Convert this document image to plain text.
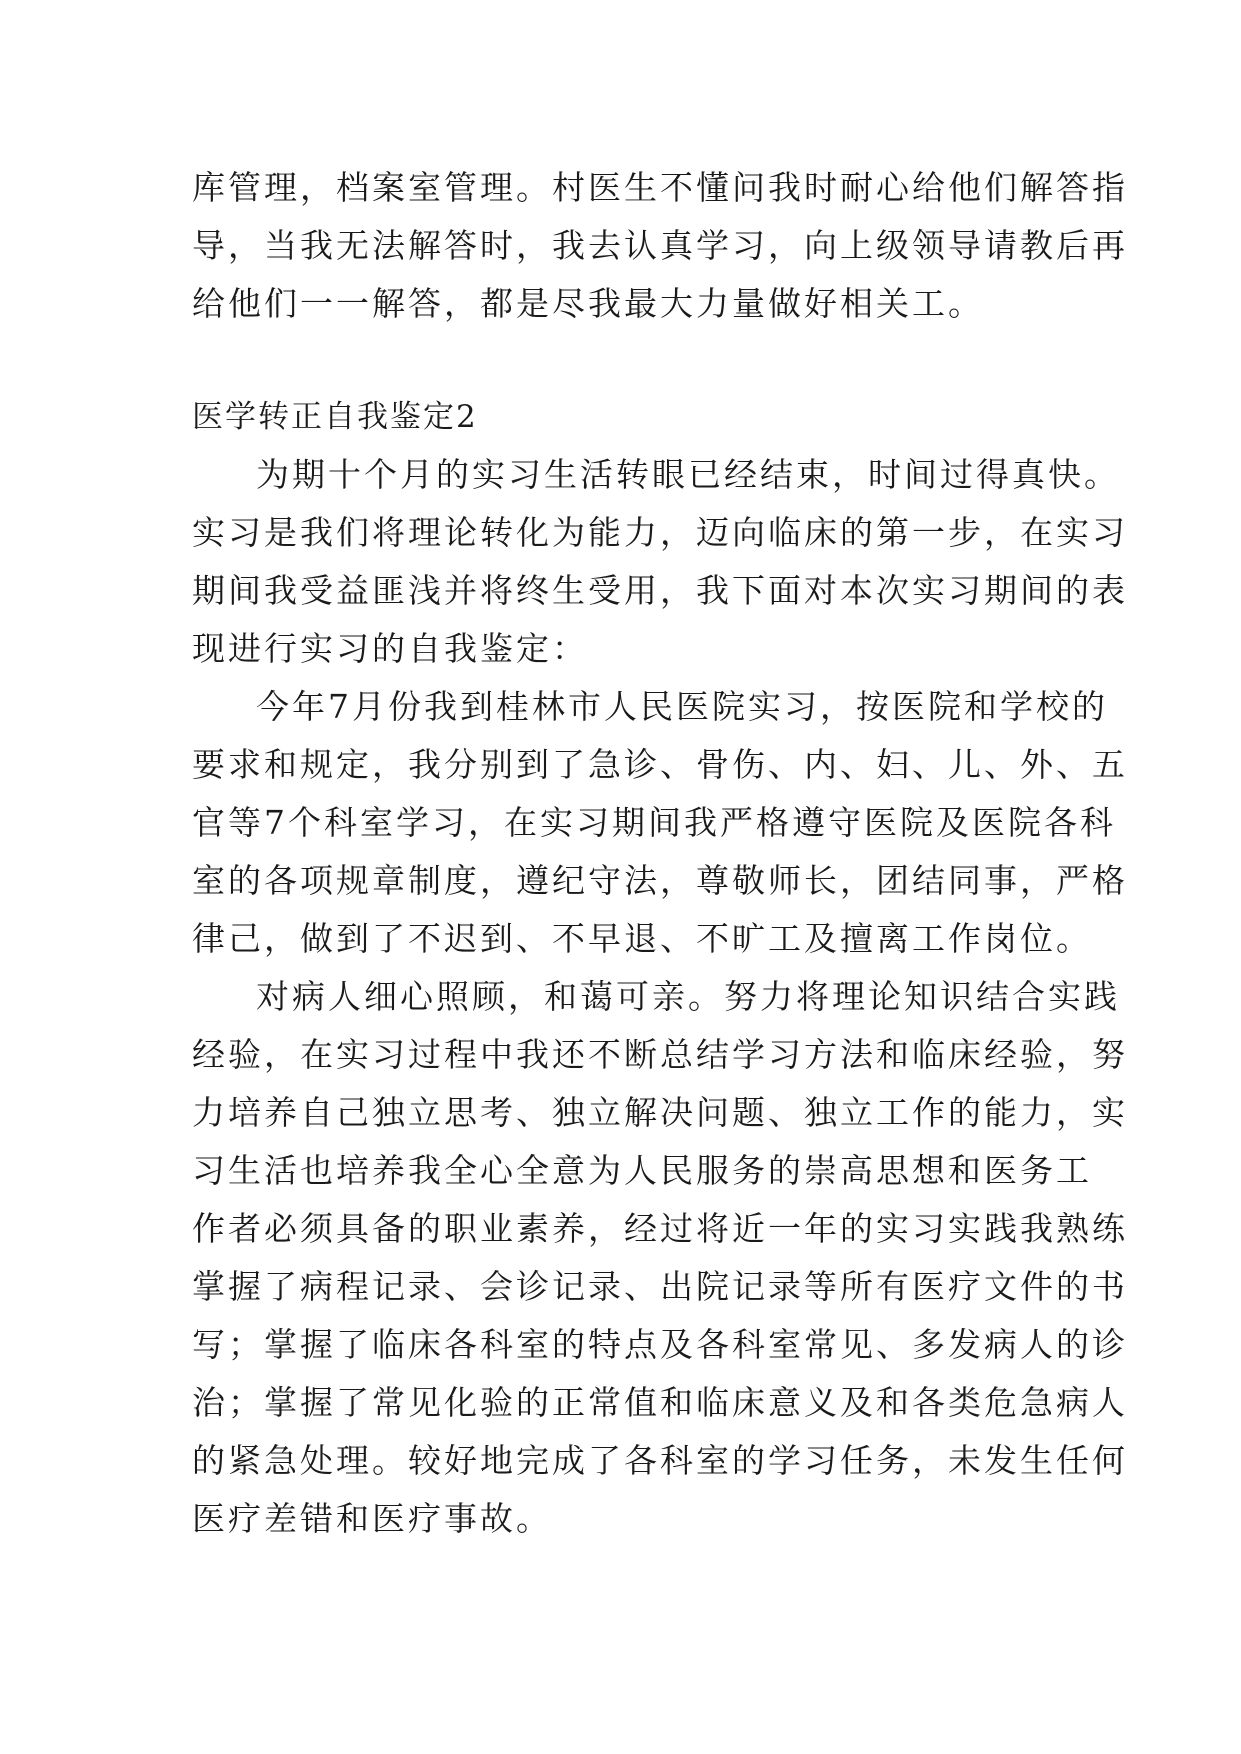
库管理，档案室管理。村医生不懂问我时耐心给他们解答指
导，当我无法解答时，我去认真学习，向上级领导请教后再
给他们一一解答，都是尽我最大力量做好相关工。
医学转正自我鉴定2
为期十个月的实习生活转眼已经结束，时间过得真快。
实习是我们将理论转化为能力，迈向临床的第一步，在实习
期间我受益匪浅并将终生受用，我下面对本次实习期间的表
现进行实习的自我鉴定：
今年7月份我到桂林市人民医院实习，按医院和学校的
要求和规定，我分别到了急诊、骨伤、内、妇、儿、外、五
官等7个科室学习，在实习期间我严格遵守医院及医院各科
室的各项规章制度，遵纪守法，尊敬师长，团结同事，严格
律己，做到了不迟到、不早退、不旷工及擅离工作岗位。
对病人细心照顾，和蔼可亲。努力将理论知识结合实践
经验，在实习过程中我还不断总结学习方法和临床经验，努
力培养自己独立思考、独立解决问题、独立工作的能力，实
习生活也培养我全心全意为人民服务的崇高思想和医务工
作者必须具备的职业素养，经过将近一年的实习实践我熟练
掌握了病程记录、会诊记录、出院记录等所有医疗文件的书
写；掌握了临床各科室的特点及各科室常见、多发病人的诊
治；掌握了常见化验的正常值和临床意义及和各类危急病人
的紧急处理。较好地完成了各科室的学习任务，未发生任何
医疗差错和医疗事故。
